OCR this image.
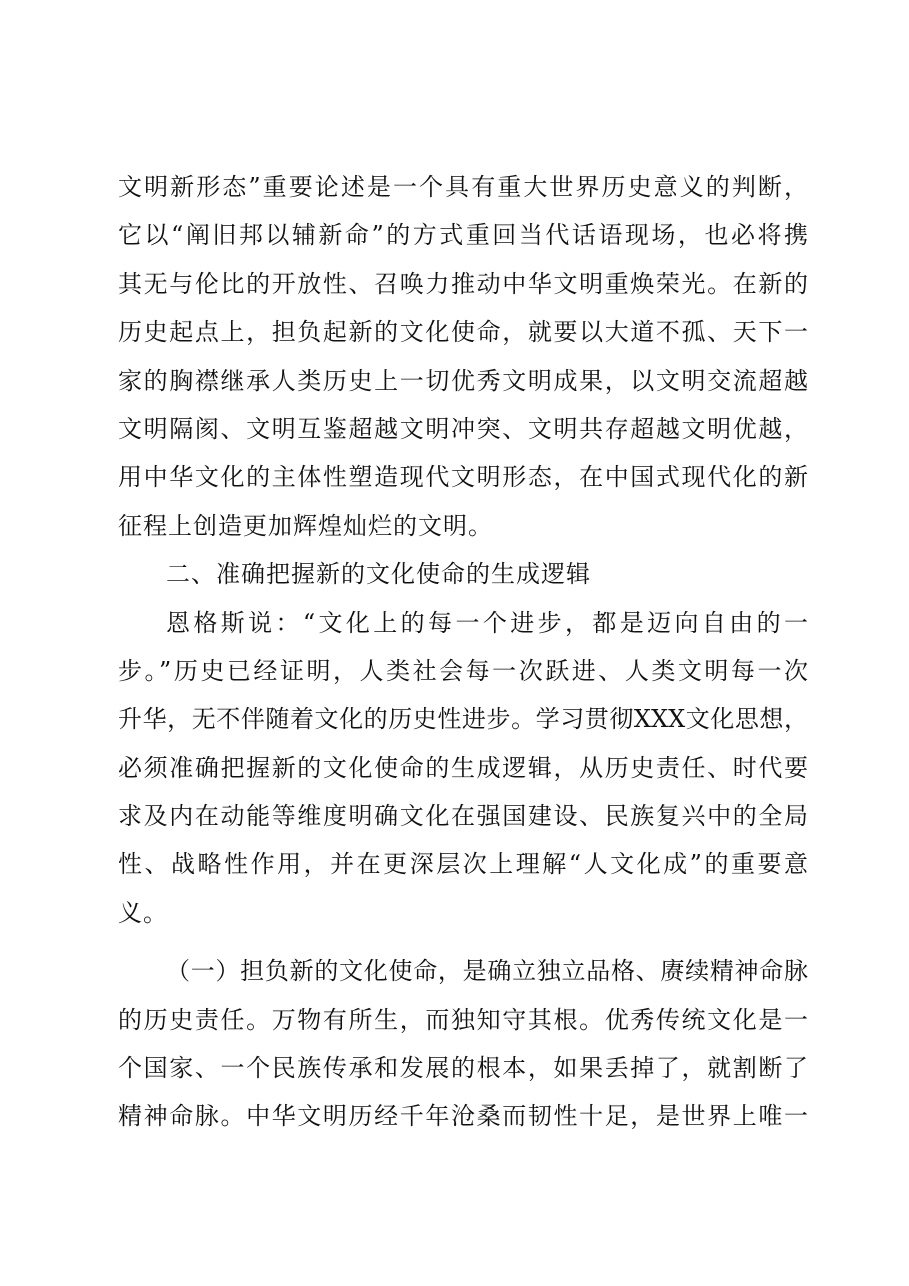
文明新形态”重要论述是一个具有重大世界历史意义的判断，
它以“阐旧邦以辅新命”的方式重回当代话语现场，也必将携
其无与伦比的开放性、召唤力推动中华文明重焕荣光。在新的
历史起点上，担负起新的文化使命，就要以大道不孤、天下一
家的胸襟继承人类历史上一切优秀文明成果，以文明交流超越
文明隔阂、文明互鉴超越文明冲突、文明共存超越文明优越，
用中华文化的主体性塑造现代文明形态，在中国式现代化的新
征程上创造更加辉煌灿烂的文明。
二、准确把握新的文化使命的生成逻辑
恩格斯说：“文化上的每一个进步，都是迈向自由的一
步。”历史已经证明，人类社会每一次跃进、人类文明每一次
升华，无不伴随着文化的历史性进步。学习贯彻XXX文化思想，
必须准确把握新的文化使命的生成逻辑，从历史责任、时代要
求及内在动能等维度明确文化在强国建设、民族复兴中的全局
性、战略性作用，并在更深层次上理解“人文化成”的重要意
义。
（一）担负新的文化使命，是确立独立品格、赓续精神命脉
的历史责任。万物有所生，而独知守其根。优秀传统文化是一
个国家、一个民族传承和发展的根本，如果丢掉了，就割断了
精神命脉。中华文明历经千年沧桑而韧性十足，是世界上唯一
